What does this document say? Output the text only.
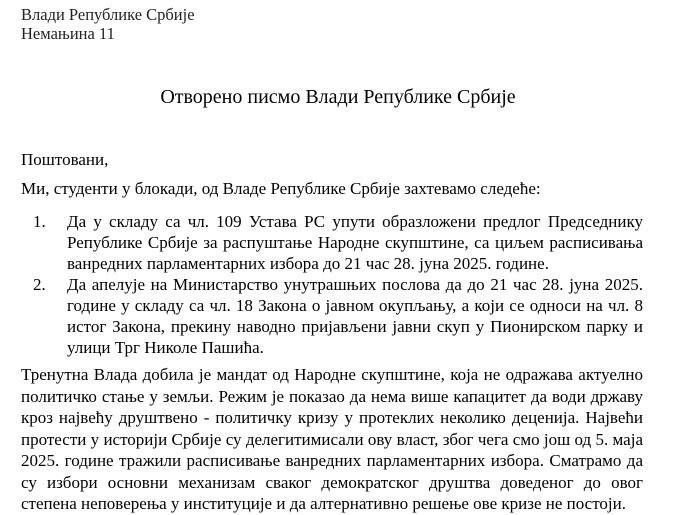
Влади Републике Србије
Немањина 11
Отворено писмо Влади Републике Србије
Поштовани,
Ми, студенти у блокади, од Владе Републике Србије захтевамо следеће:
1. Да у складу са чл. 109 Устава РС упути образложени предлог Председнику Републике Србије за распуштање Народне скупштине, са циљем расписивања ванредних парламентарних избора до 21 час 28. јуна 2025. године.
2. Да апелује на Министарство унутрашњих послова да до 21 час 28. јуна 2025. године у складу са чл. 18 Закона о јавном окупљању, а који се односи на чл. 8 истог Закона, прекину наводно пријављени јавни скуп у Пионирском парку и улици Трг Николе Пашића.

Тренутна Влада добила је мандат од Народне скупштине, која не одражава актуелно политичко стање у земљи. Режим је показао да нема више капацитет да води државу кроз највећу друштвено - политичку кризу у протеклих неколико деценија. Највећи протести у историји Србије су делегитимисали ову власт, због чега смо још од 5. маја 2025. године тражили расписивање ванредних парламентарних избора. Сматрамо да су избори основни механизам сваког демократског друштва доведеног до овог степена неповерења у институције и да алтернативно решење ове кризе не постоји.
